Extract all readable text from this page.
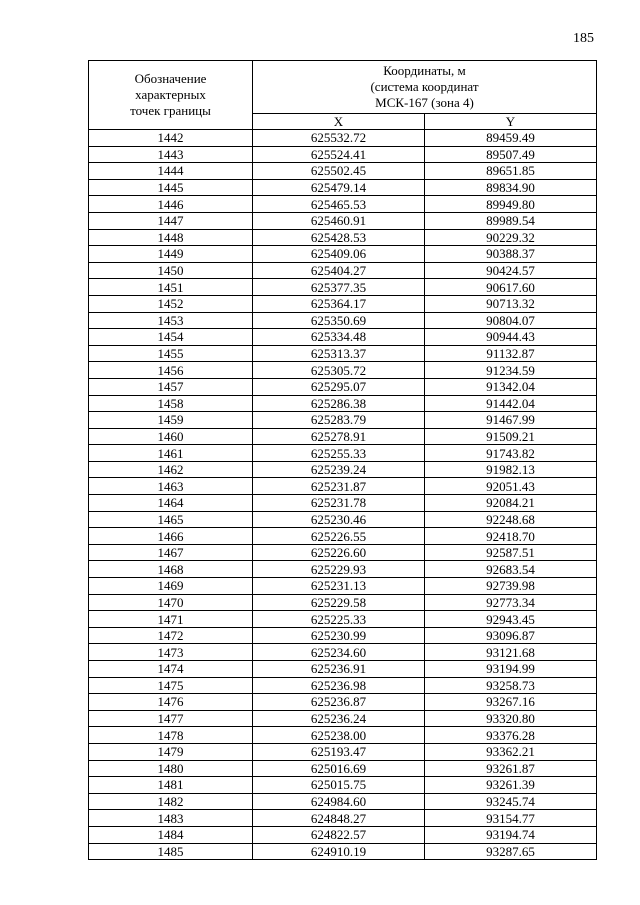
185
Обозначение
характерных
точек границы	Координаты, м
(система координат
МСК-167 (зона 4)	

	X	Y
1442	625532.72	89459.49
1443	625524.41	89507.49
1444	625502.45	89651.85
1445	625479.14	89834.90
1446	625465.53	89949.80
1447	625460.91	89989.54
1448	625428.53	90229.32
1449	625409.06	90388.37
1450	625404.27	90424.57
1451	625377.35	90617.60
1452	625364.17	90713.32
1453	625350.69	90804.07
1454	625334.48	90944.43
1455	625313.37	91132.87
1456	625305.72	91234.59
1457	625295.07	91342.04
1458	625286.38	91442.04
1459	625283.79	91467.99
1460	625278.91	91509.21
1461	625255.33	91743.82
1462	625239.24	91982.13
1463	625231.87	92051.43
1464	625231.78	92084.21
1465	625230.46	92248.68
1466	625226.55	92418.70
1467	625226.60	92587.51
1468	625229.93	92683.54
1469	625231.13	92739.98
1470	625229.58	92773.34
1471	625225.33	92943.45
1472	625230.99	93096.87
1473	625234.60	93121.68
1474	625236.91	93194.99
1475	625236.98	93258.73
1476	625236.87	93267.16
1477	625236.24	93320.80
1478	625238.00	93376.28
1479	625193.47	93362.21
1480	625016.69	93261.87
1481	625015.75	93261.39
1482	624984.60	93245.74
1483	624848.27	93154.77
1484	624822.57	93194.74
1485	624910.19	93287.65
